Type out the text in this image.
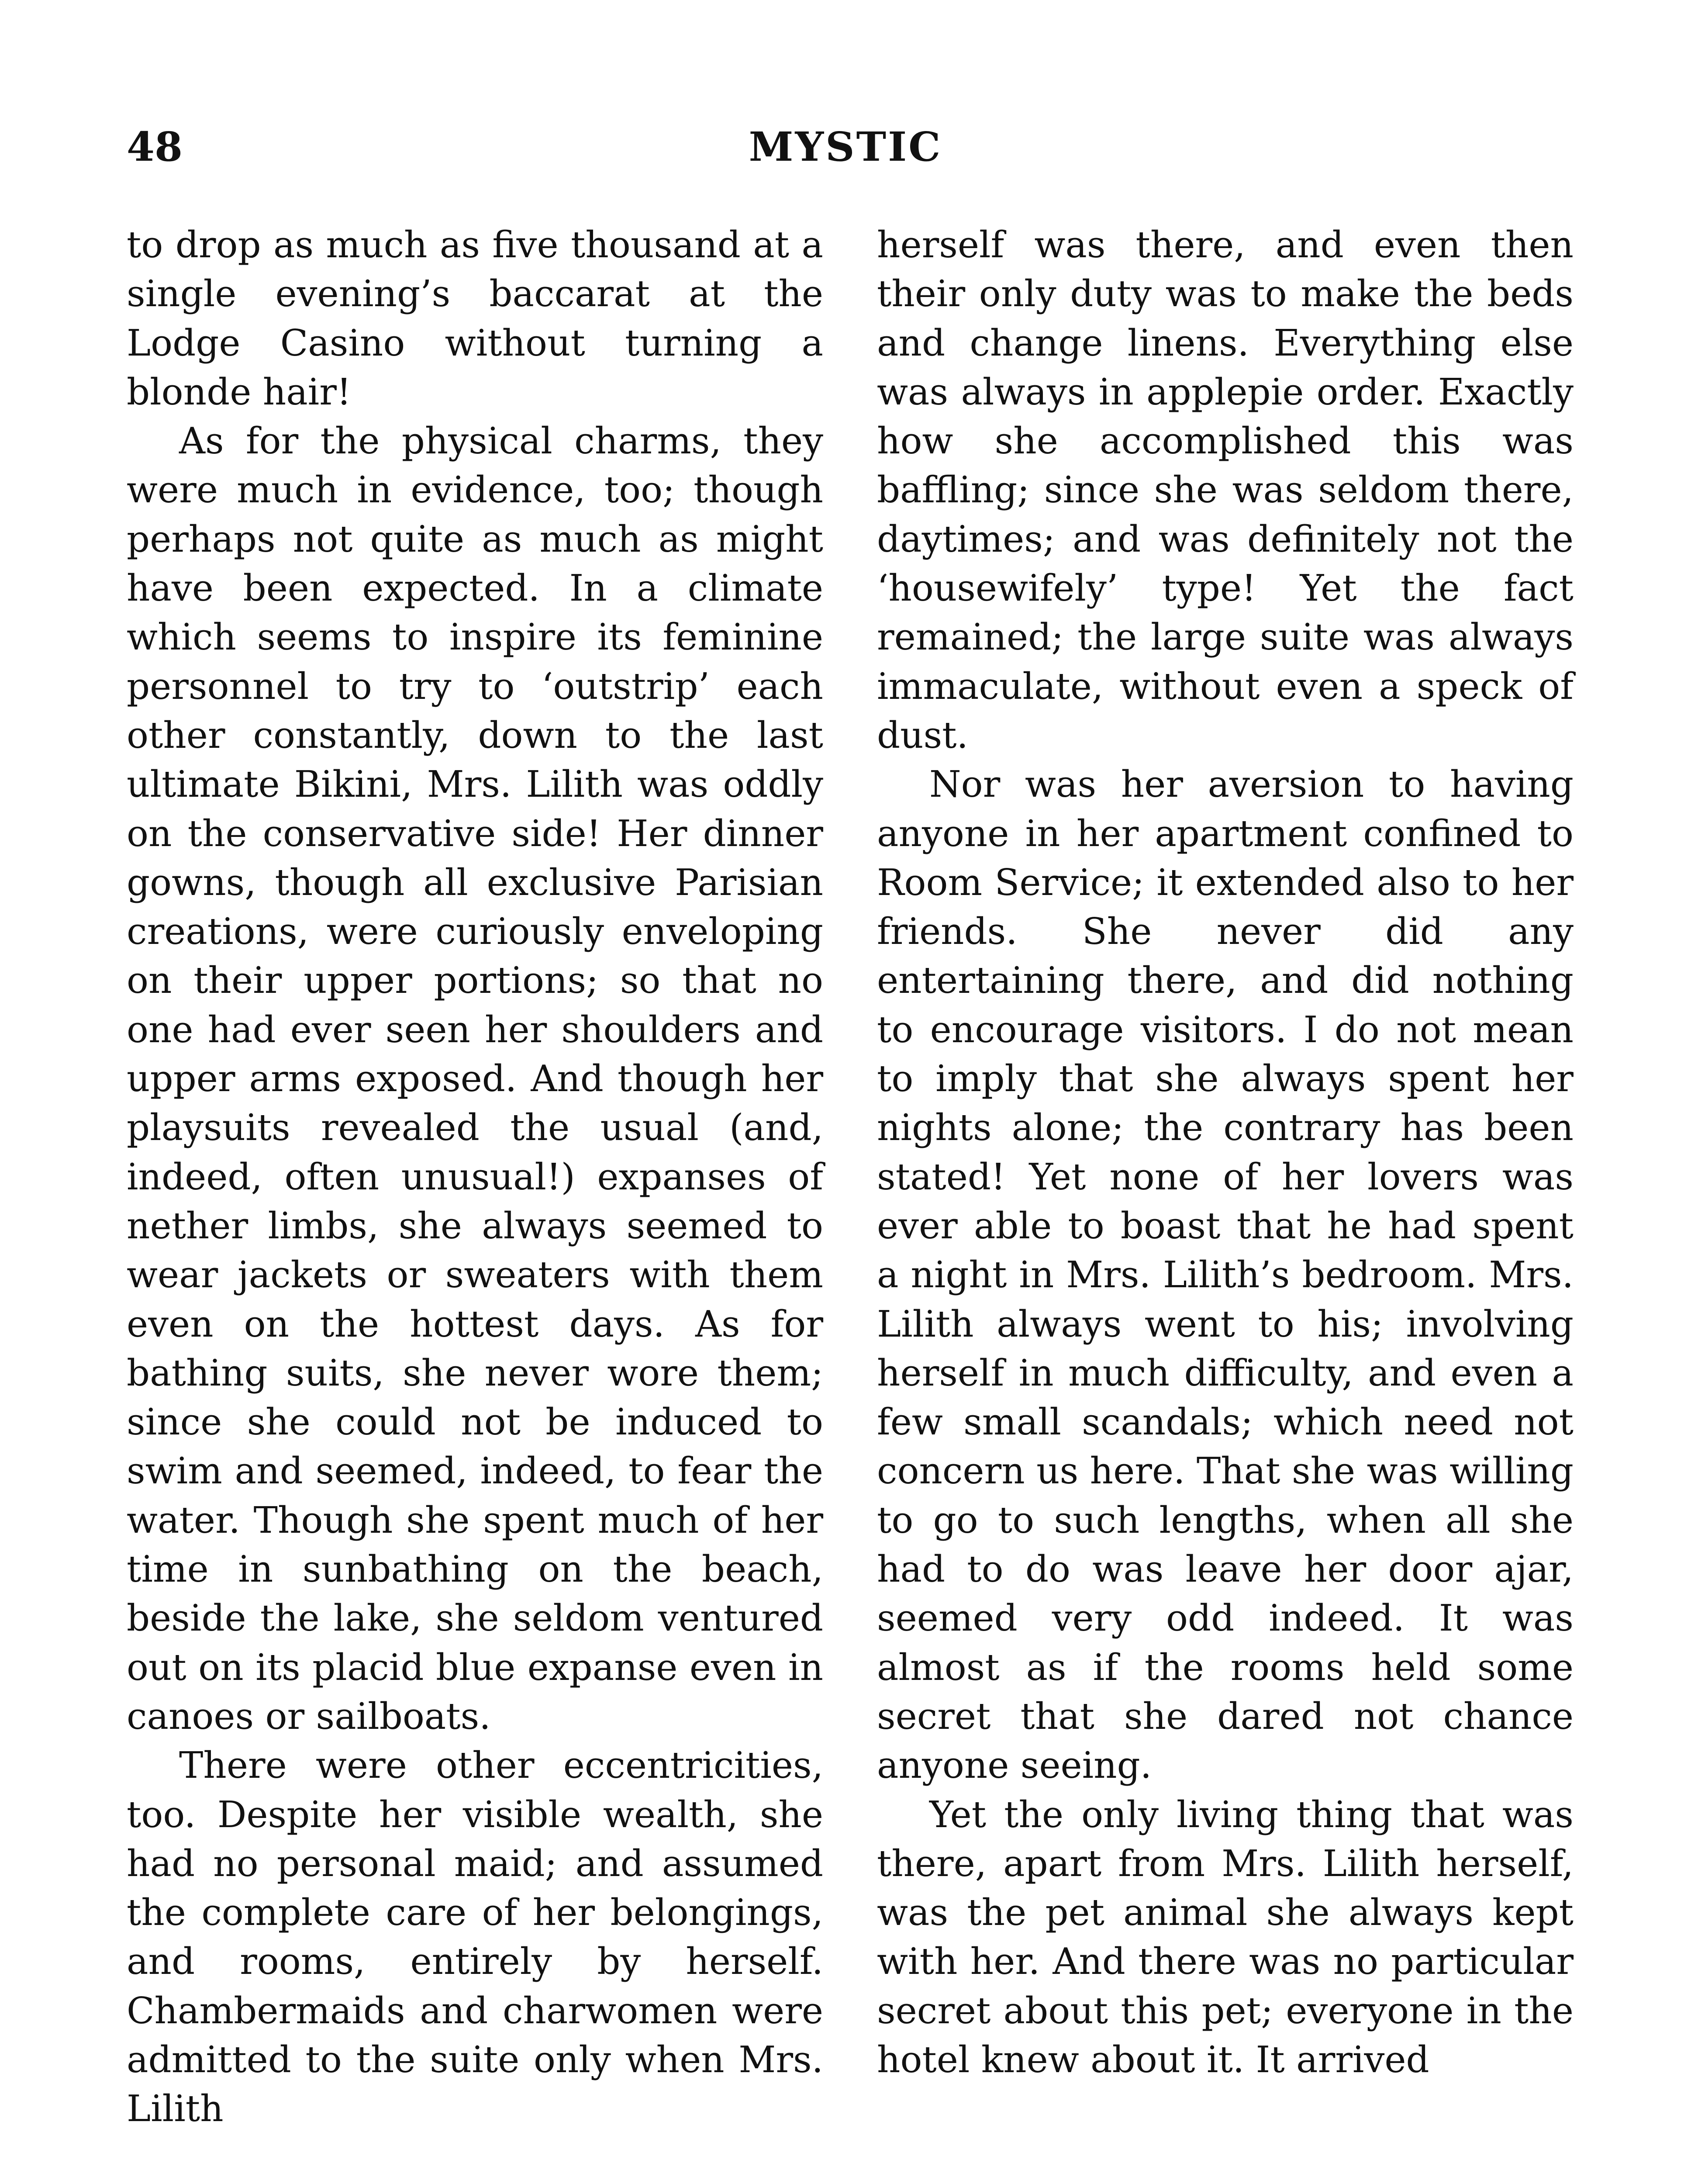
48	MYSTIC

to drop as much as five thousand at a single evening’s baccarat at the Lodge Casino without turning a blonde hair!

As for the physical charms, they were much in evidence, too; though perhaps not quite as much as might have been expected. In a climate which seems to inspire its feminine personnel to try to ‘outstrip’ each other constantly, down to the last ultimate Bikini, Mrs. Lilith was oddly on the conservative side! Her dinner gowns, though all exclusive Parisian creations, were curiously enveloping on their upper portions; so that no one had ever seen her shoulders and upper arms exposed. And though her playsuits revealed the usual (and, indeed, often unusual!) expanses of nether limbs, she always seemed to wear jackets or sweaters with them even on the hottest days. As for bathing suits, she never wore them; since she could not be induced to swim and seemed, indeed, to fear the water. Though she spent much of her time in sunbathing on the beach, beside the lake, she seldom ventured out on its placid blue expanse even in canoes or sailboats.

There were other eccentricities, too. Despite her visible wealth, she had no personal maid; and assumed the complete care of her belongings, and rooms, entirely by herself. Chambermaids and charwomen were admitted to the suite only when Mrs. Lilith

herself was there, and even then their only duty was to make the beds and change linens. Everything else was always in applepie order. Exactly how she accomplished this was baffling; since she was seldom there, daytimes; and was definitely not the ‘housewifely’ type! Yet the fact remained; the large suite was always immaculate, without even a speck of dust.

Nor was her aversion to having anyone in her apartment confined to Room Service; it extended also to her friends. She never did any entertaining there, and did nothing to encourage visitors. I do not mean to imply that she always spent her nights alone; the contrary has been stated! Yet none of her lovers was ever able to boast that he had spent a night in Mrs. Lilith’s bedroom. Mrs. Lilith always went to his; involving herself in much difficulty, and even a few small scandals; which need not concern us here. That she was willing to go to such lengths, when all she had to do was leave her door ajar, seemed very odd indeed. It was almost as if the rooms held some secret that she dared not chance anyone seeing.

Yet the only living thing that was there, apart from Mrs. Lilith herself, was the pet animal she always kept with her. And there was no particular secret about this pet; everyone in the hotel knew about it. It arrived
